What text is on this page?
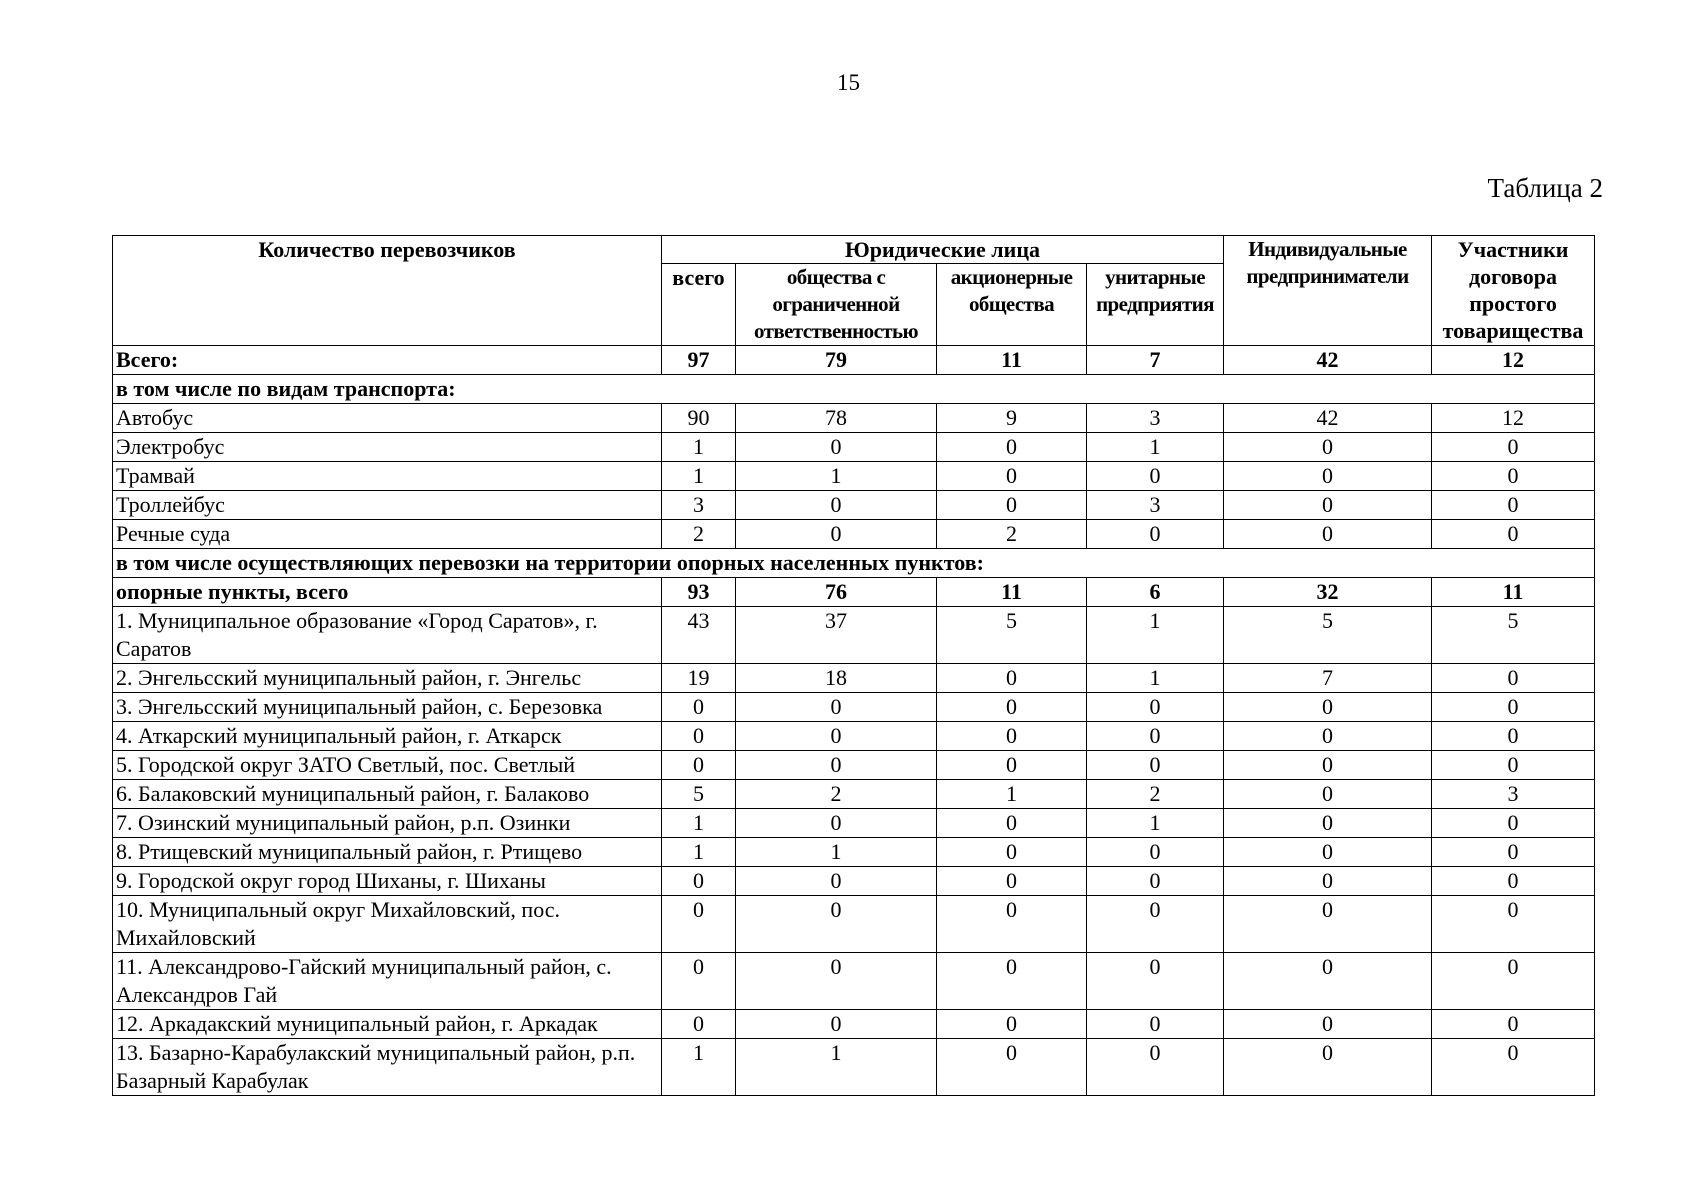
15
Таблица 2
Количество перевозчиков	Юридические лица				Индивидуальные предприниматели	Участники договора простого товарищества
	всего	общества с ограниченной ответственностью	акционерные общества	унитарные предприятия		
Всего:	97	79	11	7	42	12
в том числе по видам транспорта:						
Автобус	90	78	9	3	42	12
Электробус	1	0	0	1	0	0
Трамвай	1	1	0	0	0	0
Троллейбус	3	0	0	3	0	0
Речные суда	2	0	2	0	0	0
в том числе осуществляющих перевозки на территории опорных населенных пунктов:						
опорные пункты, всего	93	76	11	6	32	11
1. Муниципальное образование «Город Саратов», г. Саратов	43	37	5	1	5	5
2. Энгельсский муниципальный район, г. Энгельс	19	18	0	1	7	0
3. Энгельсский муниципальный район, с. Березовка	0	0	0	0	0	0
4. Аткарский муниципальный район, г. Аткарск	0	0	0	0	0	0
5. Городской округ ЗАТО Светлый, пос. Светлый	0	0	0	0	0	0
6. Балаковский муниципальный район, г. Балаково	5	2	1	2	0	3
7. Озинский муниципальный район, р.п. Озинки	1	0	0	1	0	0
8. Ртищевский муниципальный район, г. Ртищево	1	1	0	0	0	0
9. Городской округ город Шиханы, г. Шиханы	0	0	0	0	0	0
10. Муниципальный округ Михайловский, пос. Михайловский	0	0	0	0	0	0
11. Александрово-Гайский муниципальный район, с. Александров Гай	0	0	0	0	0	0
12. Аркадакский муниципальный район, г. Аркадак	0	0	0	0	0	0
13. Базарно-Карабулакский муниципальный район, р.п. Базарный Карабулак	1	1	0	0	0	0
